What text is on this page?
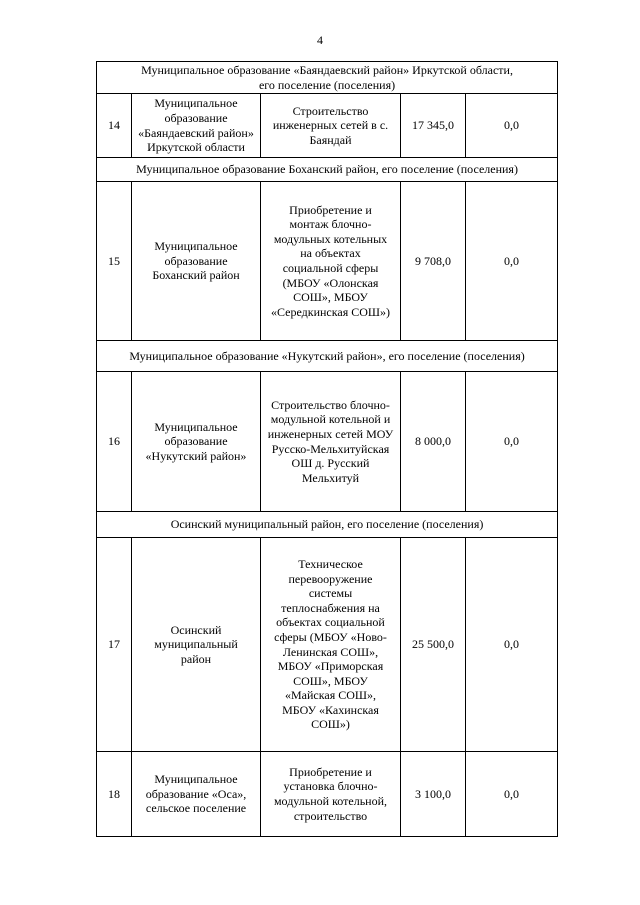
4
Муниципальное образование «Баяндаевский район» Иркутской области, его поселение (поселения)				
14	Муниципальное образование «Баяндаевский район» Иркутской области	Строительство инженерных сетей в с. Баяндай	17 345,0	0,0
Муниципальное образование Боханский район, его поселение (поселения)				
15	Муниципальное образование Боханский район	Приобретение и монтаж блочно-модульных котельных на объектах социальной сферы (МБОУ «Олонская СОШ», МБОУ «Середкинская СОШ»)	9 708,0	0,0
Муниципальное образование «Нукутский район», его поселение (поселения)				
16	Муниципальное образование «Нукутский район»	Строительство блочно-модульной котельной и инженерных сетей МОУ Русско-Мельхитуйская ОШ д. Русский Мельхитуй	8 000,0	0,0
Осинский муниципальный район, его поселение (поселения)				
17	Осинский муниципальный район	Техническое перевооружение системы теплоснабжения на объектах социальной сферы (МБОУ «Ново-Ленинская СОШ», МБОУ «Приморская СОШ», МБОУ «Майская СОШ», МБОУ «Кахинская СОШ»)	25 500,0	0,0
18	Муниципальное образование «Оса», сельское поселение	Приобретение и установка блочно-модульной котельной, строительство	3 100,0	0,0
